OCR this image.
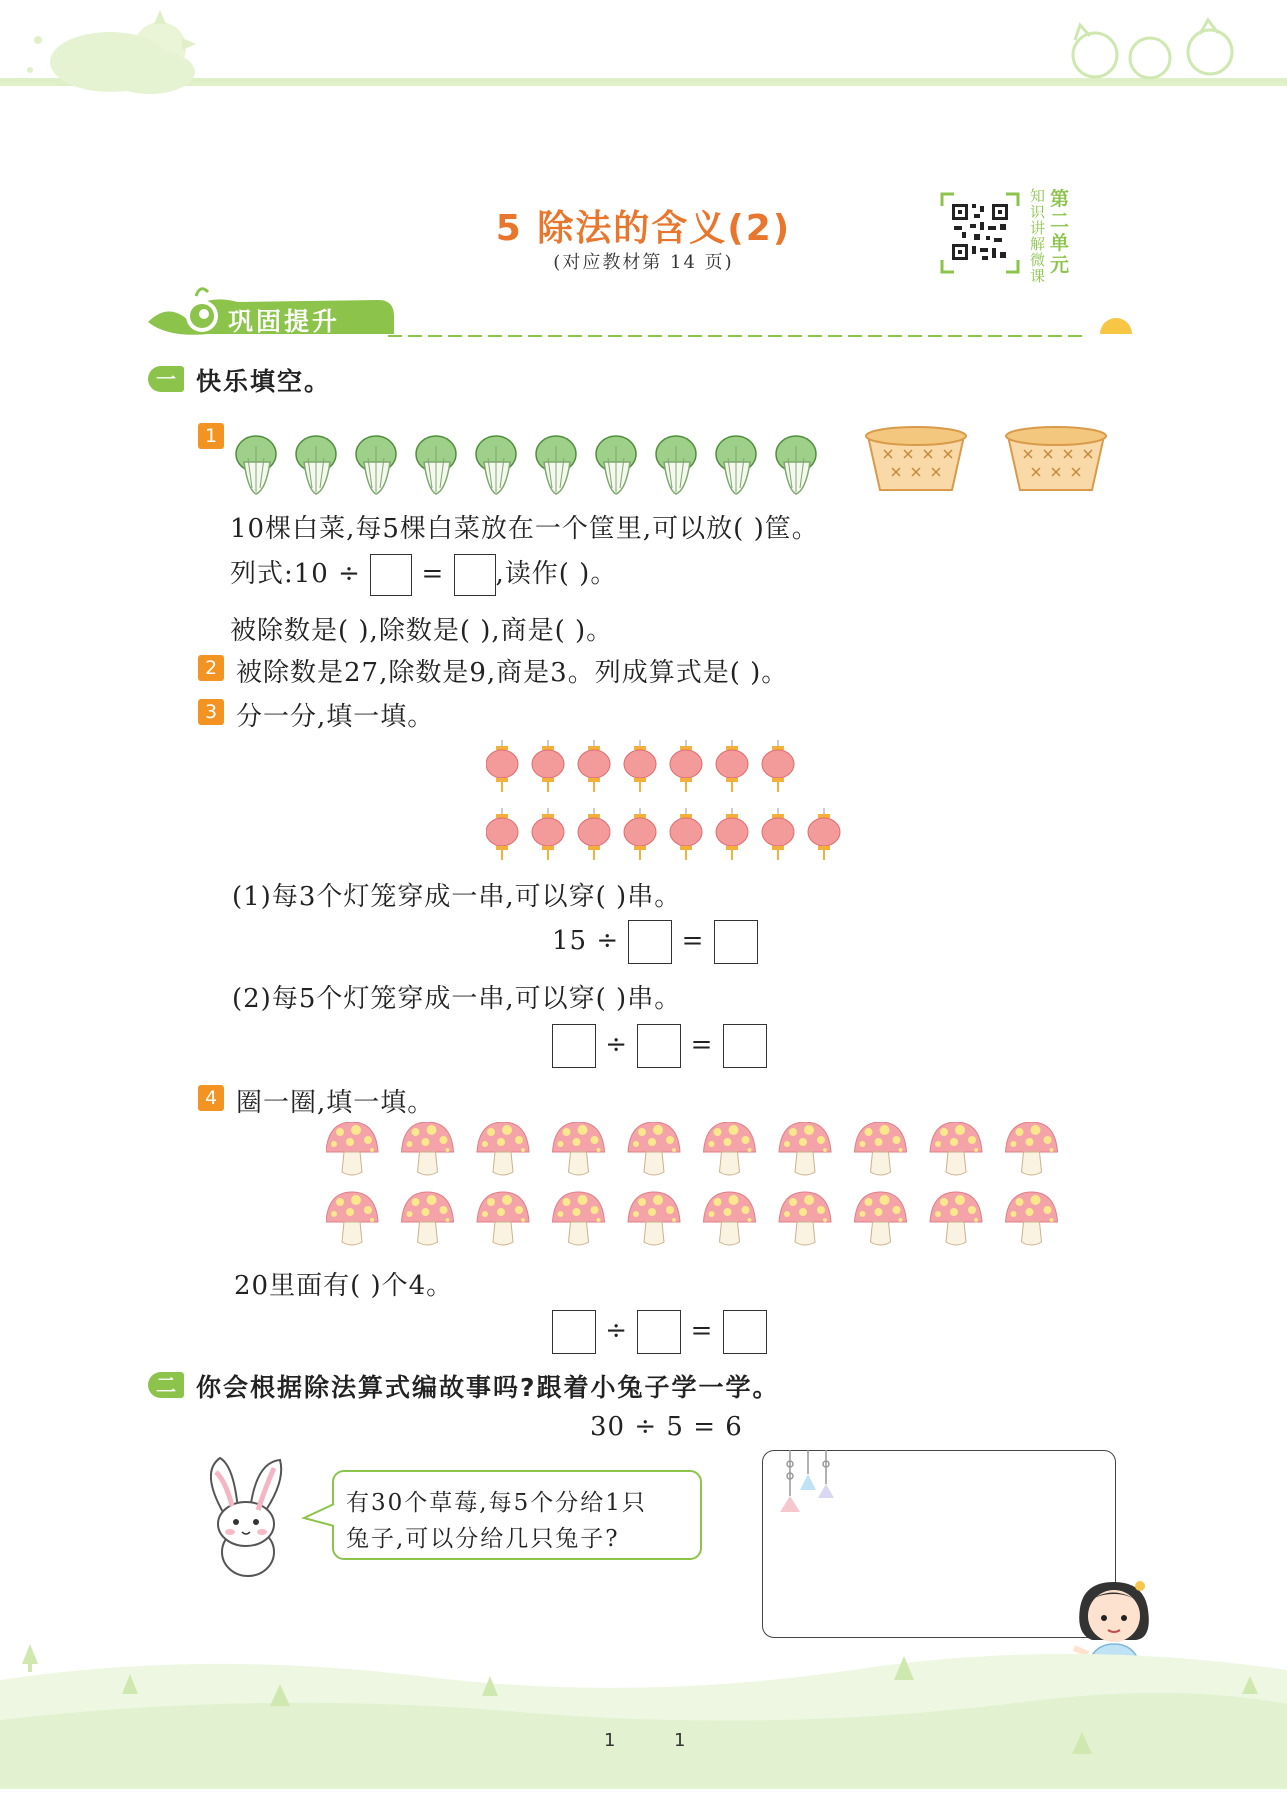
5 除法的含义(2)
(对应教材第 14 页)
知识讲解微课
第二单元
巩固提升
一 快乐填空。
1
10棵白菜,每5棵白菜放在一个筐里,可以放( )筐。
列式:10 ÷ = ,读作( )。
被除数是( ),除数是( ),商是( )。
2 被除数是27,除数是9,商是3。列成算式是( )。
3 分一分,填一填。
(1)每3个灯笼穿成一串,可以穿( )串。
15 ÷ =
(2)每5个灯笼穿成一串,可以穿( )串。
÷ =
4 圈一圈,填一填。
20里面有( )个4。
÷ =
二 你会根据除法算式编故事吗?跟着小兔子学一学。
30 ÷ 5 = 6
有30个草莓,每5个分给1只
兔子,可以分给几只兔子?
1	1
